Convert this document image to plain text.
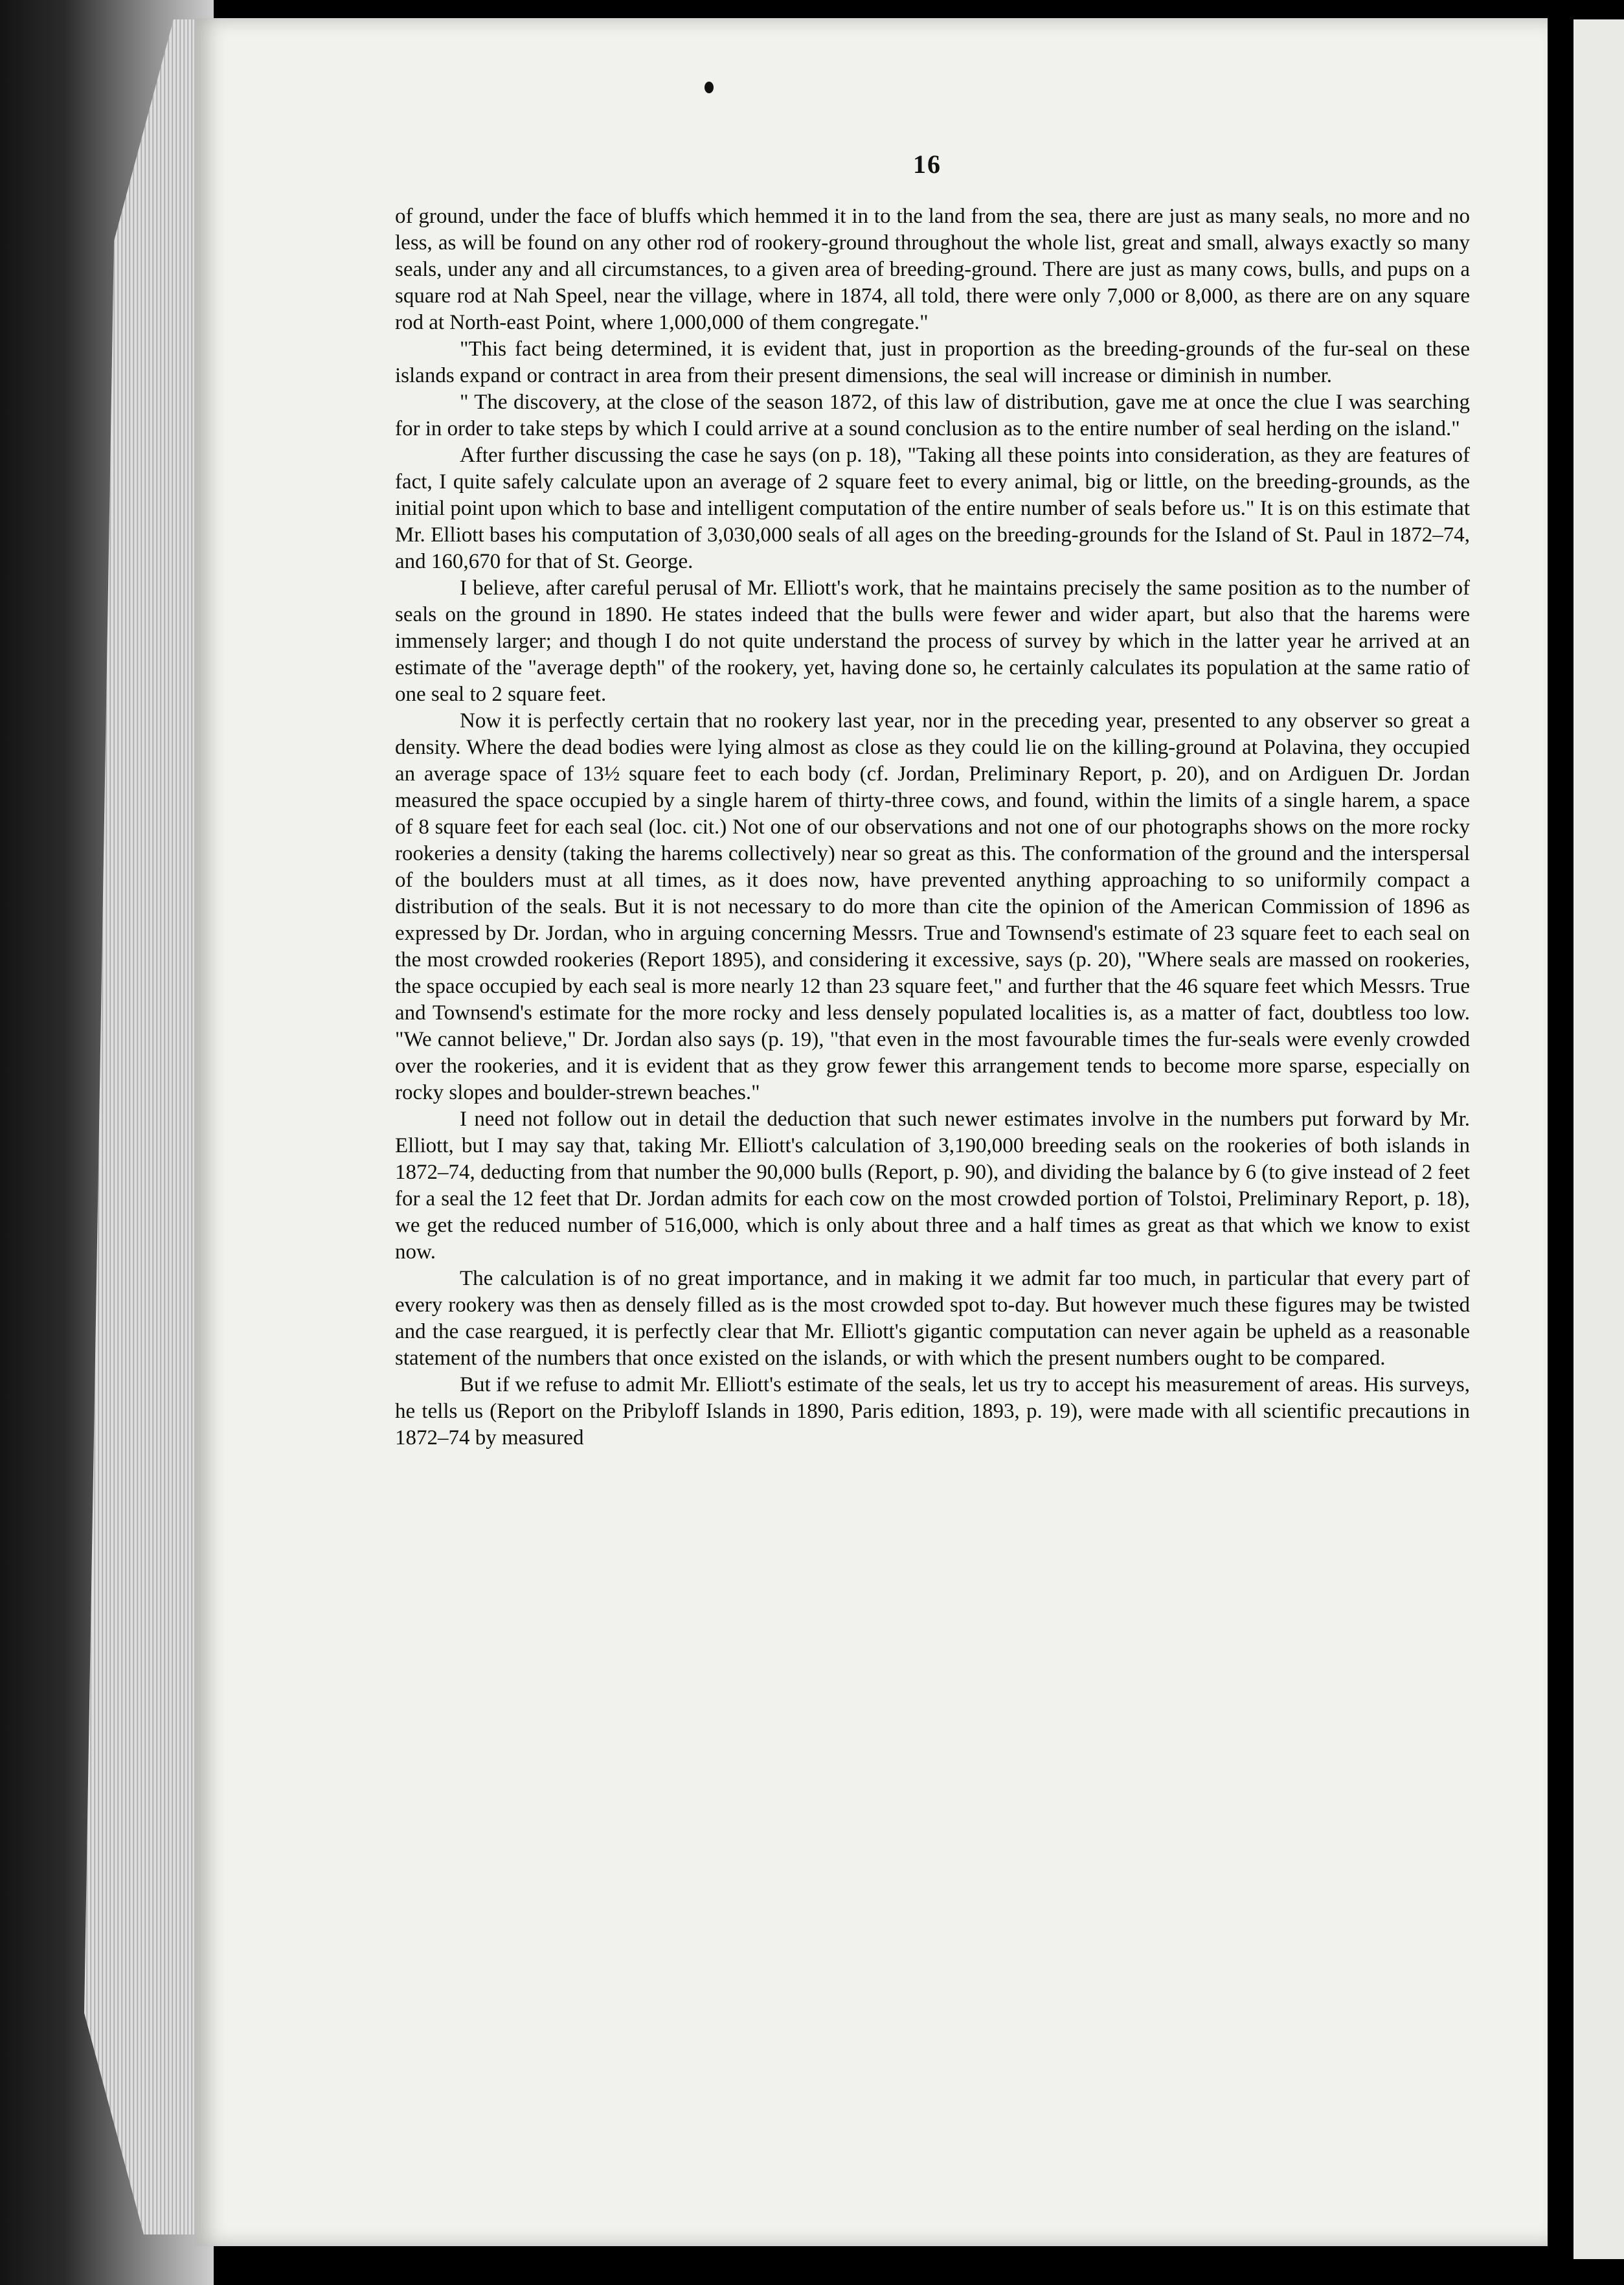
16

of ground, under the face of bluffs which hemmed it in to the land from the sea, there are just as many seals, no more and no less, as will be found on any other rod of rookery-ground throughout the whole list, great and small, always exactly so many seals, under any and all circumstances, to a given area of breeding-ground. There are just as many cows, bulls, and pups on a square rod at Nah Speel, near the village, where in 1874, all told, there were only 7,000 or 8,000, as there are on any square rod at North-east Point, where 1,000,000 of them congregate."

"This fact being determined, it is evident that, just in proportion as the breeding-grounds of the fur-seal on these islands expand or contract in area from their present dimensions, the seal will increase or diminish in number.

" The discovery, at the close of the season 1872, of this law of distribution, gave me at once the clue I was searching for in order to take steps by which I could arrive at a sound conclusion as to the entire number of seal herding on the island."

After further discussing the case he says (on p. 18), "Taking all these points into consideration, as they are features of fact, I quite safely calculate upon an average of 2 square feet to every animal, big or little, on the breeding-grounds, as the initial point upon which to base and intelligent computation of the entire number of seals before us." It is on this estimate that Mr. Elliott bases his computation of 3,030,000 seals of all ages on the breeding-grounds for the Island of St. Paul in 1872–74, and 160,670 for that of St. George.

I believe, after careful perusal of Mr. Elliott's work, that he maintains precisely the same position as to the number of seals on the ground in 1890. He states indeed that the bulls were fewer and wider apart, but also that the harems were immensely larger; and though I do not quite understand the process of survey by which in the latter year he arrived at an estimate of the "average depth" of the rookery, yet, having done so, he certainly calculates its population at the same ratio of one seal to 2 square feet.

Now it is perfectly certain that no rookery last year, nor in the preceding year, presented to any observer so great a density. Where the dead bodies were lying almost as close as they could lie on the killing-ground at Polavina, they occupied an average space of 13½ square feet to each body (cf. Jordan, Preliminary Report, p. 20), and on Ardiguen Dr. Jordan measured the space occupied by a single harem of thirty-three cows, and found, within the limits of a single harem, a space of 8 square feet for each seal (loc. cit.) Not one of our observations and not one of our photographs shows on the more rocky rookeries a density (taking the harems collectively) near so great as this. The conformation of the ground and the interspersal of the boulders must at all times, as it does now, have prevented anything approaching to so uniformily compact a distribution of the seals. But it is not necessary to do more than cite the opinion of the American Commission of 1896 as expressed by Dr. Jordan, who in arguing concerning Messrs. True and Townsend's estimate of 23 square feet to each seal on the most crowded rookeries (Report 1895), and considering it excessive, says (p. 20), "Where seals are massed on rookeries, the space occupied by each seal is more nearly 12 than 23 square feet," and further that the 46 square feet which Messrs. True and Townsend's estimate for the more rocky and less densely populated localities is, as a matter of fact, doubtless too low. "We cannot believe," Dr. Jordan also says (p. 19), "that even in the most favourable times the fur-seals were evenly crowded over the rookeries, and it is evident that as they grow fewer this arrangement tends to become more sparse, especially on rocky slopes and boulder-strewn beaches."

I need not follow out in detail the deduction that such newer estimates involve in the numbers put forward by Mr. Elliott, but I may say that, taking Mr. Elliott's calculation of 3,190,000 breeding seals on the rookeries of both islands in 1872–74, deducting from that number the 90,000 bulls (Report, p. 90), and dividing the balance by 6 (to give instead of 2 feet for a seal the 12 feet that Dr. Jordan admits for each cow on the most crowded portion of Tolstoi, Preliminary Report, p. 18), we get the reduced number of 516,000, which is only about three and a half times as great as that which we know to exist now.

The calculation is of no great importance, and in making it we admit far too much, in particular that every part of every rookery was then as densely filled as is the most crowded spot to-day. But however much these figures may be twisted and the case reargued, it is perfectly clear that Mr. Elliott's gigantic computation can never again be upheld as a reasonable statement of the numbers that once existed on the islands, or with which the present numbers ought to be compared.

But if we refuse to admit Mr. Elliott's estimate of the seals, let us try to accept his measurement of areas. His surveys, he tells us (Report on the Pribyloff Islands in 1890, Paris edition, 1893, p. 19), were made with all scientific precautions in 1872–74 by measured
